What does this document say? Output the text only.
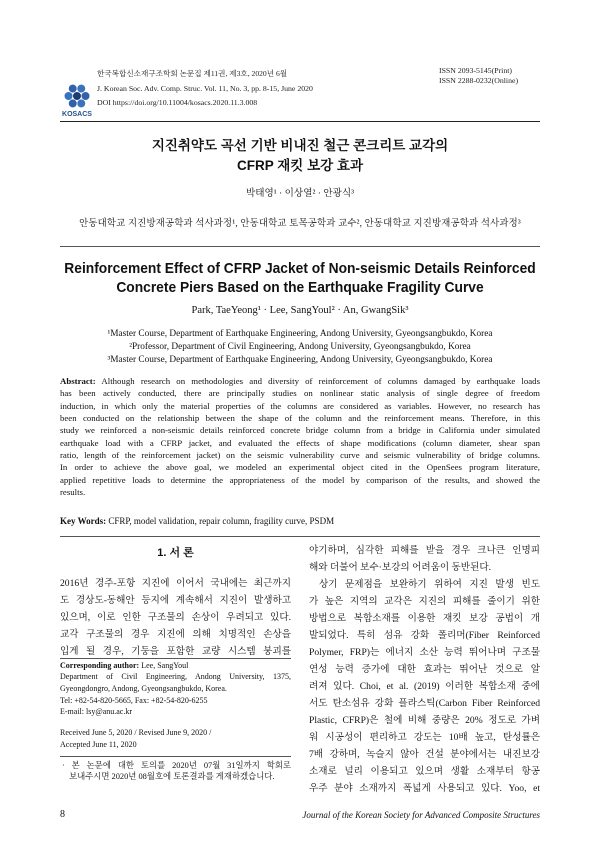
KOSACS
한국복합신소재구조학회 논문집 제11권, 제3호, 2020년 6월
J. Korean Soc. Adv. Comp. Struc. Vol. 11, No. 3, pp. 8-15, June 2020
DOI https://doi.org/10.11004/kosacs.2020.11.3.008
ISSN 2093-5145(Print)
ISSN 2288-0232(Online)
지진취약도 곡선 기반 비내진 철근 콘크리트 교각의
CFRP 재킷 보강 효과
박태영¹ · 이상열² · 안광식³
안동대학교 지진방재공학과 석사과정¹, 안동대학교 토목공학과 교수², 안동대학교 지진방재공학과 석사과정³
Reinforcement Effect of CFRP Jacket of Non-seismic Details Reinforced
Concrete Piers Based on the Earthquake Fragility Curve
Park, TaeYeong¹ · Lee, SangYoul² · An, GwangSik³
¹Master Course, Department of Earthquake Engineering, Andong University, Gyeongsangbukdo, Korea
²Professor, Department of Civil Engineering, Andong University, Gyeongsangbukdo, Korea
³Master Course, Department of Earthquake Engineering, Andong University, Gyeongsangbukdo, Korea
Abstract: Although research on methodologies and diversity of reinforcement of columns damaged by earthquake loads
has been actively conducted, there are principally studies on nonlinear static analysis of single degree of freedom
induction, in which only the material properties of the columns are considered as variables. However, no research has
been conducted on the relationship between the shape of the column and the reinforcement means. Therefore, in this
study we reinforced a non-seismic details reinforced concrete bridge column from a bridge in California under simulated
earthquake load with a CFRP jacket, and evaluated the effects of shape modifications (column diameter, shear span
ratio, length of the reinforcement jacket) on the seismic vulnerability curve and seismic vulnerability of bridge columns.
In order to achieve the above goal, we modeled an experimental object cited in the OpenSees program literature,
applied repetitive loads to determine the appropriateness of the model by comparison of the results, and showed the
results.
Key Words: CFRP, model validation, repair column, fragility curve, PSDM
1. 서 론
2016년 경주-포항 지진에 이어서 국내에는 최근까지
도 경상도-동해안 등지에 계속해서 지진이 발생하고
있으며, 이로 인한 구조물의 손상이 우려되고 있다.
교각 구조물의 경우 지진에 의해 치명적인 손상을
입게 될 경우, 기둥을 포함한 교량 시스템 붕괴를
Corresponding author: Lee, SangYoul
Department of Civil Engineering, Andong University, 1375,
Gyeongdongro, Andong, Gyeongsangbukdo, Korea.
Tel: +82-54-820-5665, Fax: +82-54-820-6255
E-mail: lsy@anu.ac.kr
Received June 5, 2020 / Revised June 9, 2020 /
Accepted June 11, 2020
· 본 논문에 대한 토의를 2020년 07월 31일까지 학회로
보내주시면 2020년 08월호에 토론결과를 게재하겠습니다.
야기하며, 심각한 피해를 받을 경우 크나큰 인명피
해와 더불어 보수·보강의 어려움이 동반된다.
상기 문제점을 보완하기 위하여 지진 발생 빈도
가 높은 지역의 교각은 지진의 피해를 줄이기 위한
방법으로 복합소재를 이용한 재킷 보강 공법이 개
발되었다. 특히 섬유 강화 폴리머(Fiber Reinforced
Polymer, FRP)는 에너지 소산 능력 뛰어나며 구조물
연성 능력 증가에 대한 효과는 뛰어난 것으로 알
려져 있다. Choi, et al. (2019) 이러한 복합소재 중에
서도 탄소섬유 강화 플라스틱(Carbon Fiber Reinforced
Plastic, CFRP)은 철에 비해 중량은 20% 정도로 가벼
워 시공성이 편리하고 강도는 10배 높고, 탄성률은
7배 강하며, 녹슬지 않아 건설 분야에서는 내진보강
소재로 널리 이용되고 있으며 생활 소재부터 항공
우주 분야 소재까지 폭넓게 사용되고 있다. Yoo, et
8	Journal of the Korean Society for Advanced Composite Structures
